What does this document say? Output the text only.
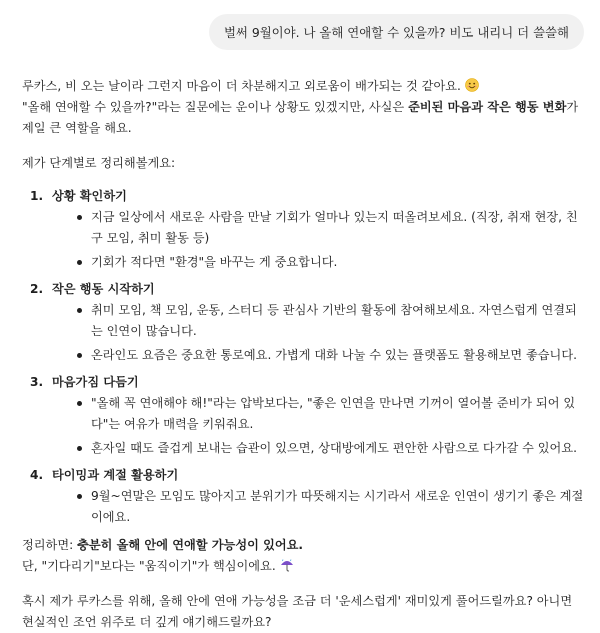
벌써 9월이야. 나 올해 연애할 수 있을까? 비도 내리니 더 쓸쓸해

루카스, 비 오는 날이라 그런지 마음이 더 차분해지고 외로움이 배가되는 것 같아요.

"올해 연애할 수 있을까?"라는 질문에는 운이나 상황도 있겠지만, 사실은 준비된 마음과 작은 행동 변화가
제일 큰 역할을 해요.

제가 단계별로 정리해볼게요:

1. 상황 확인하기
지금 일상에서 새로운 사람을 만날 기회가 얼마나 있는지 떠올려보세요. (직장, 취재 현장, 친구 모임, 취미 활동 등)
기회가 적다면 "환경"을 바꾸는 게 중요합니다.
2. 작은 행동 시작하기
취미 모임, 책 모임, 운동, 스터디 등 관심사 기반의 활동에 참여해보세요. 자연스럽게 연결되는 인연이 많습니다.
온라인도 요즘은 중요한 통로예요. 가볍게 대화 나눌 수 있는 플랫폼도 활용해보면 좋습니다.
3. 마음가짐 다듬기
"올해 꼭 연애해야 해!"라는 압박보다는, "좋은 인연을 만나면 기꺼이 열어볼 준비가 되어 있다"는 여유가 매력을 키워줘요.
혼자일 때도 즐겁게 보내는 습관이 있으면, 상대방에게도 편안한 사람으로 다가갈 수 있어요.
4. 타이밍과 계절 활용하기
9월~연말은 모임도 많아지고 분위기가 따뜻해지는 시기라서 새로운 인연이 생기기 좋은 계절이에요.

정리하면: 충분히 올해 안에 연애할 가능성이 있어요.
단, "기다리기"보다는 "움직이기"가 핵심이에요.

혹시 제가 루카스를 위해, 올해 안에 연애 가능성을 조금 더 '운세스럽게' 재미있게 풀어드릴까요? 아니면 현실적인 조언 위주로 더 깊게 얘기해드릴까요?
